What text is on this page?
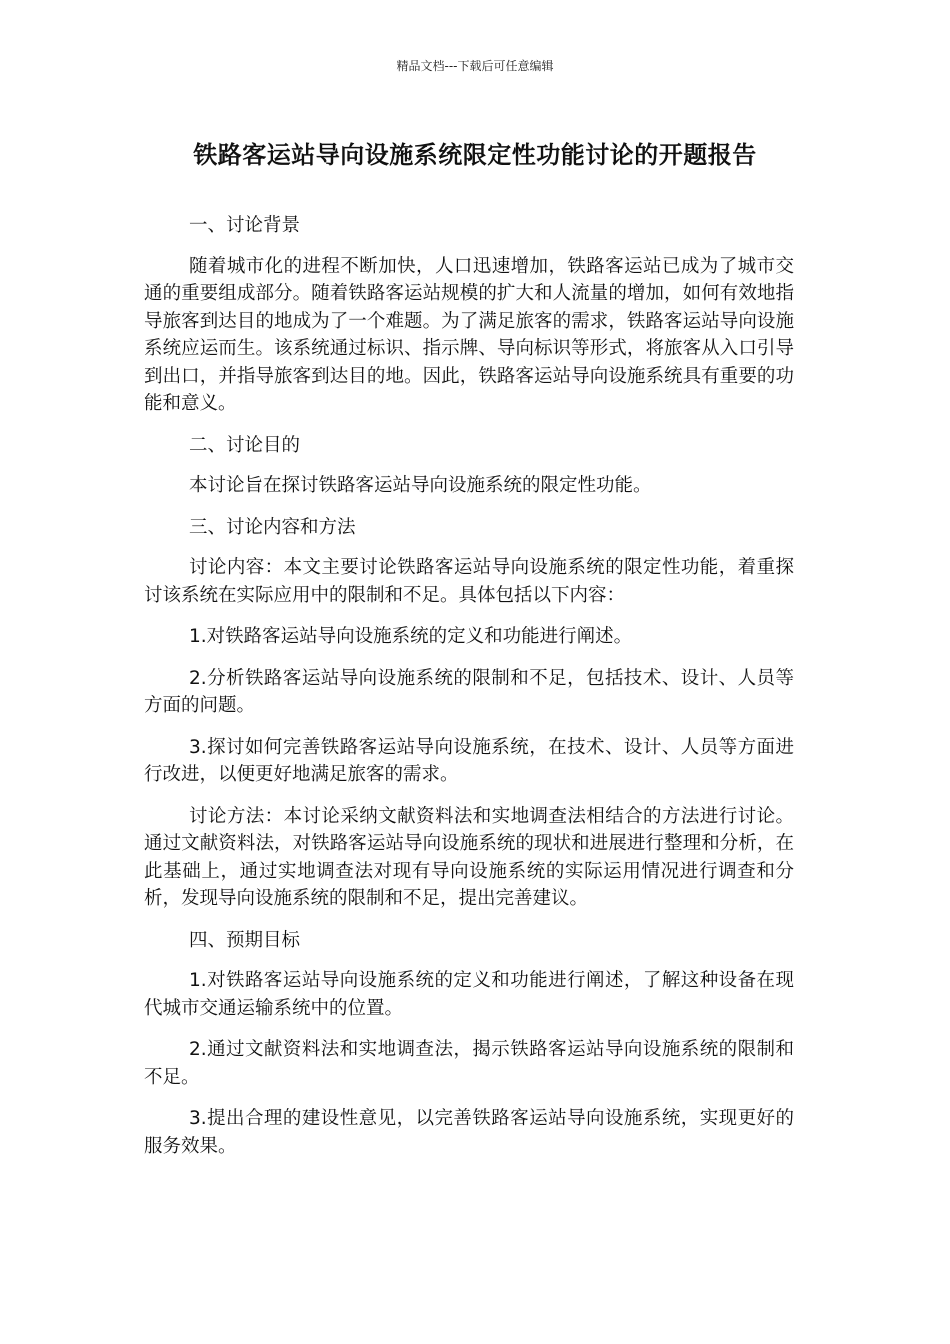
精品文档---下载后可任意编辑
铁路客运站导向设施系统限定性功能讨论的开题报告

一、讨论背景

随着城市化的进程不断加快，人口迅速增加，铁路客运站已成为了城市交通的重要组成部分。随着铁路客运站规模的扩大和人流量的增加，如何有效地指导旅客到达目的地成为了一个难题。为了满足旅客的需求，铁路客运站导向设施系统应运而生。该系统通过标识、指示牌、导向标识等形式，将旅客从入口引导到出口，并指导旅客到达目的地。因此，铁路客运站导向设施系统具有重要的功能和意义。

二、讨论目的

本讨论旨在探讨铁路客运站导向设施系统的限定性功能。

三、讨论内容和方法

讨论内容：本文主要讨论铁路客运站导向设施系统的限定性功能，着重探讨该系统在实际应用中的限制和不足。具体包括以下内容：

1.对铁路客运站导向设施系统的定义和功能进行阐述。

2.分析铁路客运站导向设施系统的限制和不足，包括技术、设计、人员等方面的问题。

3.探讨如何完善铁路客运站导向设施系统，在技术、设计、人员等方面进行改进，以便更好地满足旅客的需求。

讨论方法：本讨论采纳文献资料法和实地调查法相结合的方法进行讨论。通过文献资料法，对铁路客运站导向设施系统的现状和进展进行整理和分析，在此基础上，通过实地调查法对现有导向设施系统的实际运用情况进行调查和分析，发现导向设施系统的限制和不足，提出完善建议。

四、预期目标

1.对铁路客运站导向设施系统的定义和功能进行阐述，了解这种设备在现代城市交通运输系统中的位置。

2.通过文献资料法和实地调查法，揭示铁路客运站导向设施系统的限制和不足。

3.提出合理的建设性意见，以完善铁路客运站导向设施系统，实现更好的服务效果。
